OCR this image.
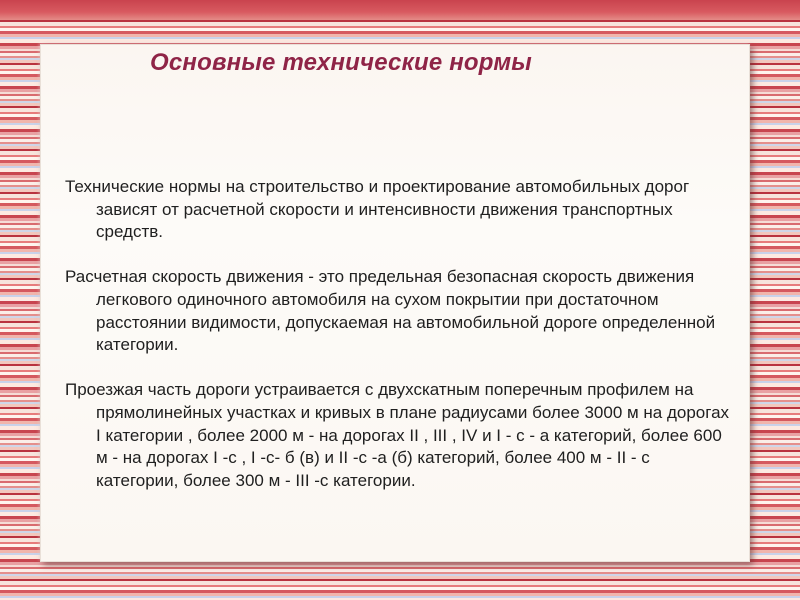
Основные технические нормы

Технические нормы на строительство и проектирование автомобильных дорог зависят от расчетной скорости и интенсивности движения транспортных средств.

Расчетная скорость движения - это предельная безопасная скорость движения легкового одиночного автомобиля на сухом покрытии при достаточном расстоянии видимости, допускаемая на автомобильной дороге определенной категории.

Проезжая часть дороги устраивается с двухскатным поперечным профилем на прямолинейных участках и кривых в плане радиусами более 3000 м на дорогах I категории , более 2000 м - на дорогах II , III , IV и I - с - а категорий, более 600 м - на дорогах I -с , I -с- б (в) и II -с -а (б) категорий, более 400 м - II - с категории, более 300 м - III -с категории.
